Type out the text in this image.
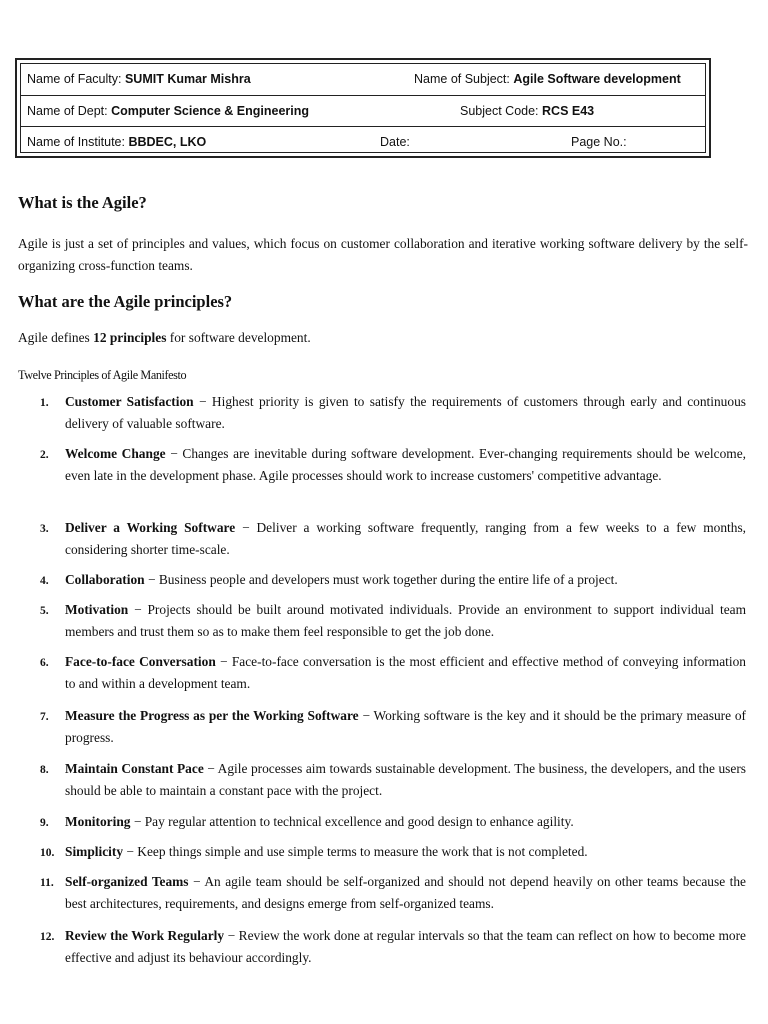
Name of Faculty: SUMIT Kumar Mishra	Name of Subject: Agile Software development
Name of Dept: Computer Science & Engineering	Subject Code: RCS E43
Name of Institute: BBDEC, LKO	Date:	Page No.:
What is the Agile?

Agile is just a set of principles and values, which focus on customer collaboration and iterative working software delivery by the self-organizing cross-function teams.

What are the Agile principles?

Agile defines 12 principles for software development.

Twelve Principles of Agile Manifesto
1.	Customer Satisfaction − Highest priority is given to satisfy the requirements of customers through early and continuous delivery of valuable software.
2.	Welcome Change − Changes are inevitable during software development. Ever-changing requirements should be welcome, even late in the development phase. Agile processes should work to increase customers' competitive advantage.
3.	Deliver a Working Software − Deliver a working software frequently, ranging from a few weeks to a few months, considering shorter time-scale.
4.	Collaboration − Business people and developers must work together during the entire life of a project.
5.	Motivation − Projects should be built around motivated individuals. Provide an environment to support individual team members and trust them so as to make them feel responsible to get the job done.
6.	Face-to-face Conversation − Face-to-face conversation is the most efficient and effective method of conveying information to and within a development team.
7.	Measure the Progress as per the Working Software − Working software is the key and it should be the primary measure of progress.
8.	Maintain Constant Pace − Agile processes aim towards sustainable development. The business, the developers, and the users should be able to maintain a constant pace with the project.
9.	Monitoring − Pay regular attention to technical excellence and good design to enhance agility.
10. Simplicity − Keep things simple and use simple terms to measure the work that is not completed.
11. Self-organized Teams − An agile team should be self-organized and should not depend heavily on other teams because the best architectures, requirements, and designs emerge from self-organized teams.
12. Review the Work Regularly − Review the work done at regular intervals so that the team can reflect on how to become more effective and adjust its behaviour accordingly.
